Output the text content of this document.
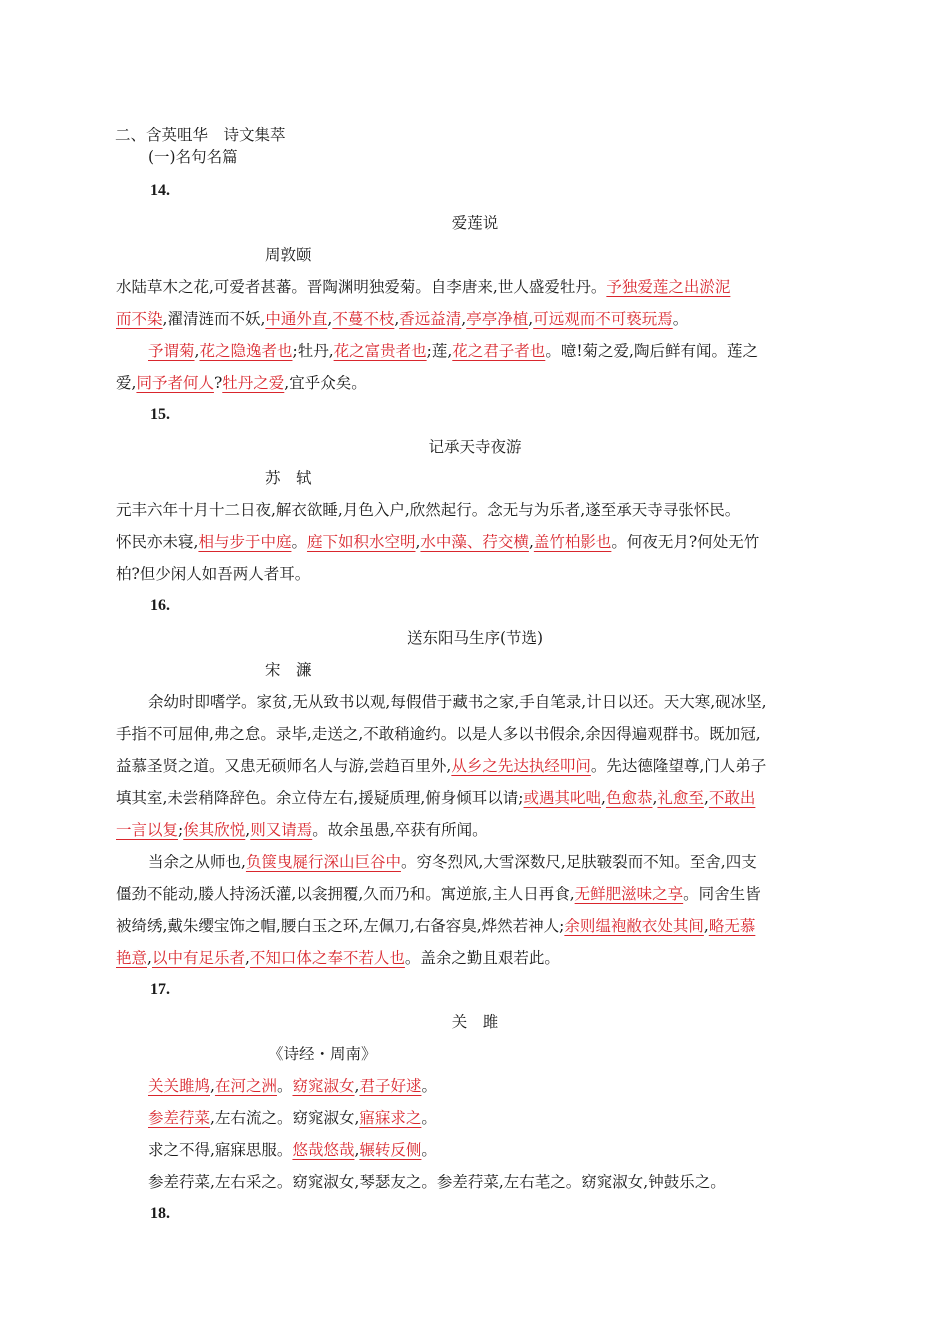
二、含英咀华　诗文集萃
(一)名句名篇
14.
爱莲说
周敦颐
水陆草木之花,可爱者甚蕃。晋陶渊明独爱菊。自李唐来,世人盛爱牡丹。予独爱莲之出淤泥
而不染,濯清涟而不妖,中通外直,不蔓不枝,香远益清,亭亭净植,可远观而不可亵玩焉。
予谓菊,花之隐逸者也;牡丹,花之富贵者也;莲,花之君子者也。噫!菊之爱,陶后鲜有闻。莲之
爱,同予者何人?牡丹之爱,宜乎众矣。
15.
记承天寺夜游
苏　轼
元丰六年十月十二日夜,解衣欲睡,月色入户,欣然起行。念无与为乐者,遂至承天寺寻张怀民。
怀民亦未寝,相与步于中庭。庭下如积水空明,水中藻、荇交横,盖竹柏影也。何夜无月?何处无竹
柏?但少闲人如吾两人者耳。
16.
送东阳马生序(节选)
宋　濂
余幼时即嗜学。家贫,无从致书以观,每假借于藏书之家,手自笔录,计日以还。天大寒,砚冰坚,
手指不可屈伸,弗之怠。录毕,走送之,不敢稍逾约。以是人多以书假余,余因得遍观群书。既加冠,
益慕圣贤之道。又患无硕师名人与游,尝趋百里外,从乡之先达执经叩问。先达德隆望尊,门人弟子
填其室,未尝稍降辞色。余立侍左右,援疑质理,俯身倾耳以请;或遇其叱咄,色愈恭,礼愈至,不敢出
一言以复;俟其欣悦,则又请焉。故余虽愚,卒获有所闻。
当余之从师也,负箧曳屣行深山巨谷中。穷冬烈风,大雪深数尺,足肤皲裂而不知。至舍,四支
僵劲不能动,媵人持汤沃灌,以衾拥覆,久而乃和。寓逆旅,主人日再食,无鲜肥滋味之享。同舍生皆
被绮绣,戴朱缨宝饰之帽,腰白玉之环,左佩刀,右备容臭,烨然若神人;余则缊袍敝衣处其间,略无慕
艳意,以中有足乐者,不知口体之奉不若人也。盖余之勤且艰若此。
17.
关　雎
《诗经・周南》
关关雎鸠,在河之洲。窈窕淑女,君子好逑。
参差荇菜,左右流之。窈窕淑女,寤寐求之。
求之不得,寤寐思服。悠哉悠哉,辗转反侧。
参差荇菜,左右采之。窈窕淑女,琴瑟友之。参差荇菜,左右芼之。窈窕淑女,钟鼓乐之。
18.
